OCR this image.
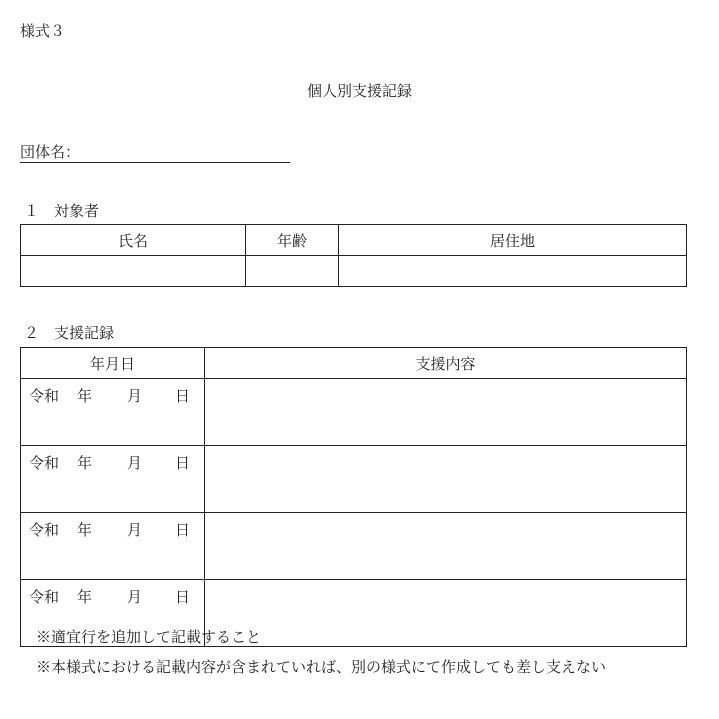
様式３
個人別支援記録
団体名：
１　対象者
氏名	年齢	居住地

２　支援記録
年月日	支援内容
令和 年 月 日	
令和 年 月 日	
令和 年 月 日	
令和 年 月 日	
※適宜行を追加して記載すること
※本様式における記載内容が含まれていれば、別の様式にて作成しても差し支えない
